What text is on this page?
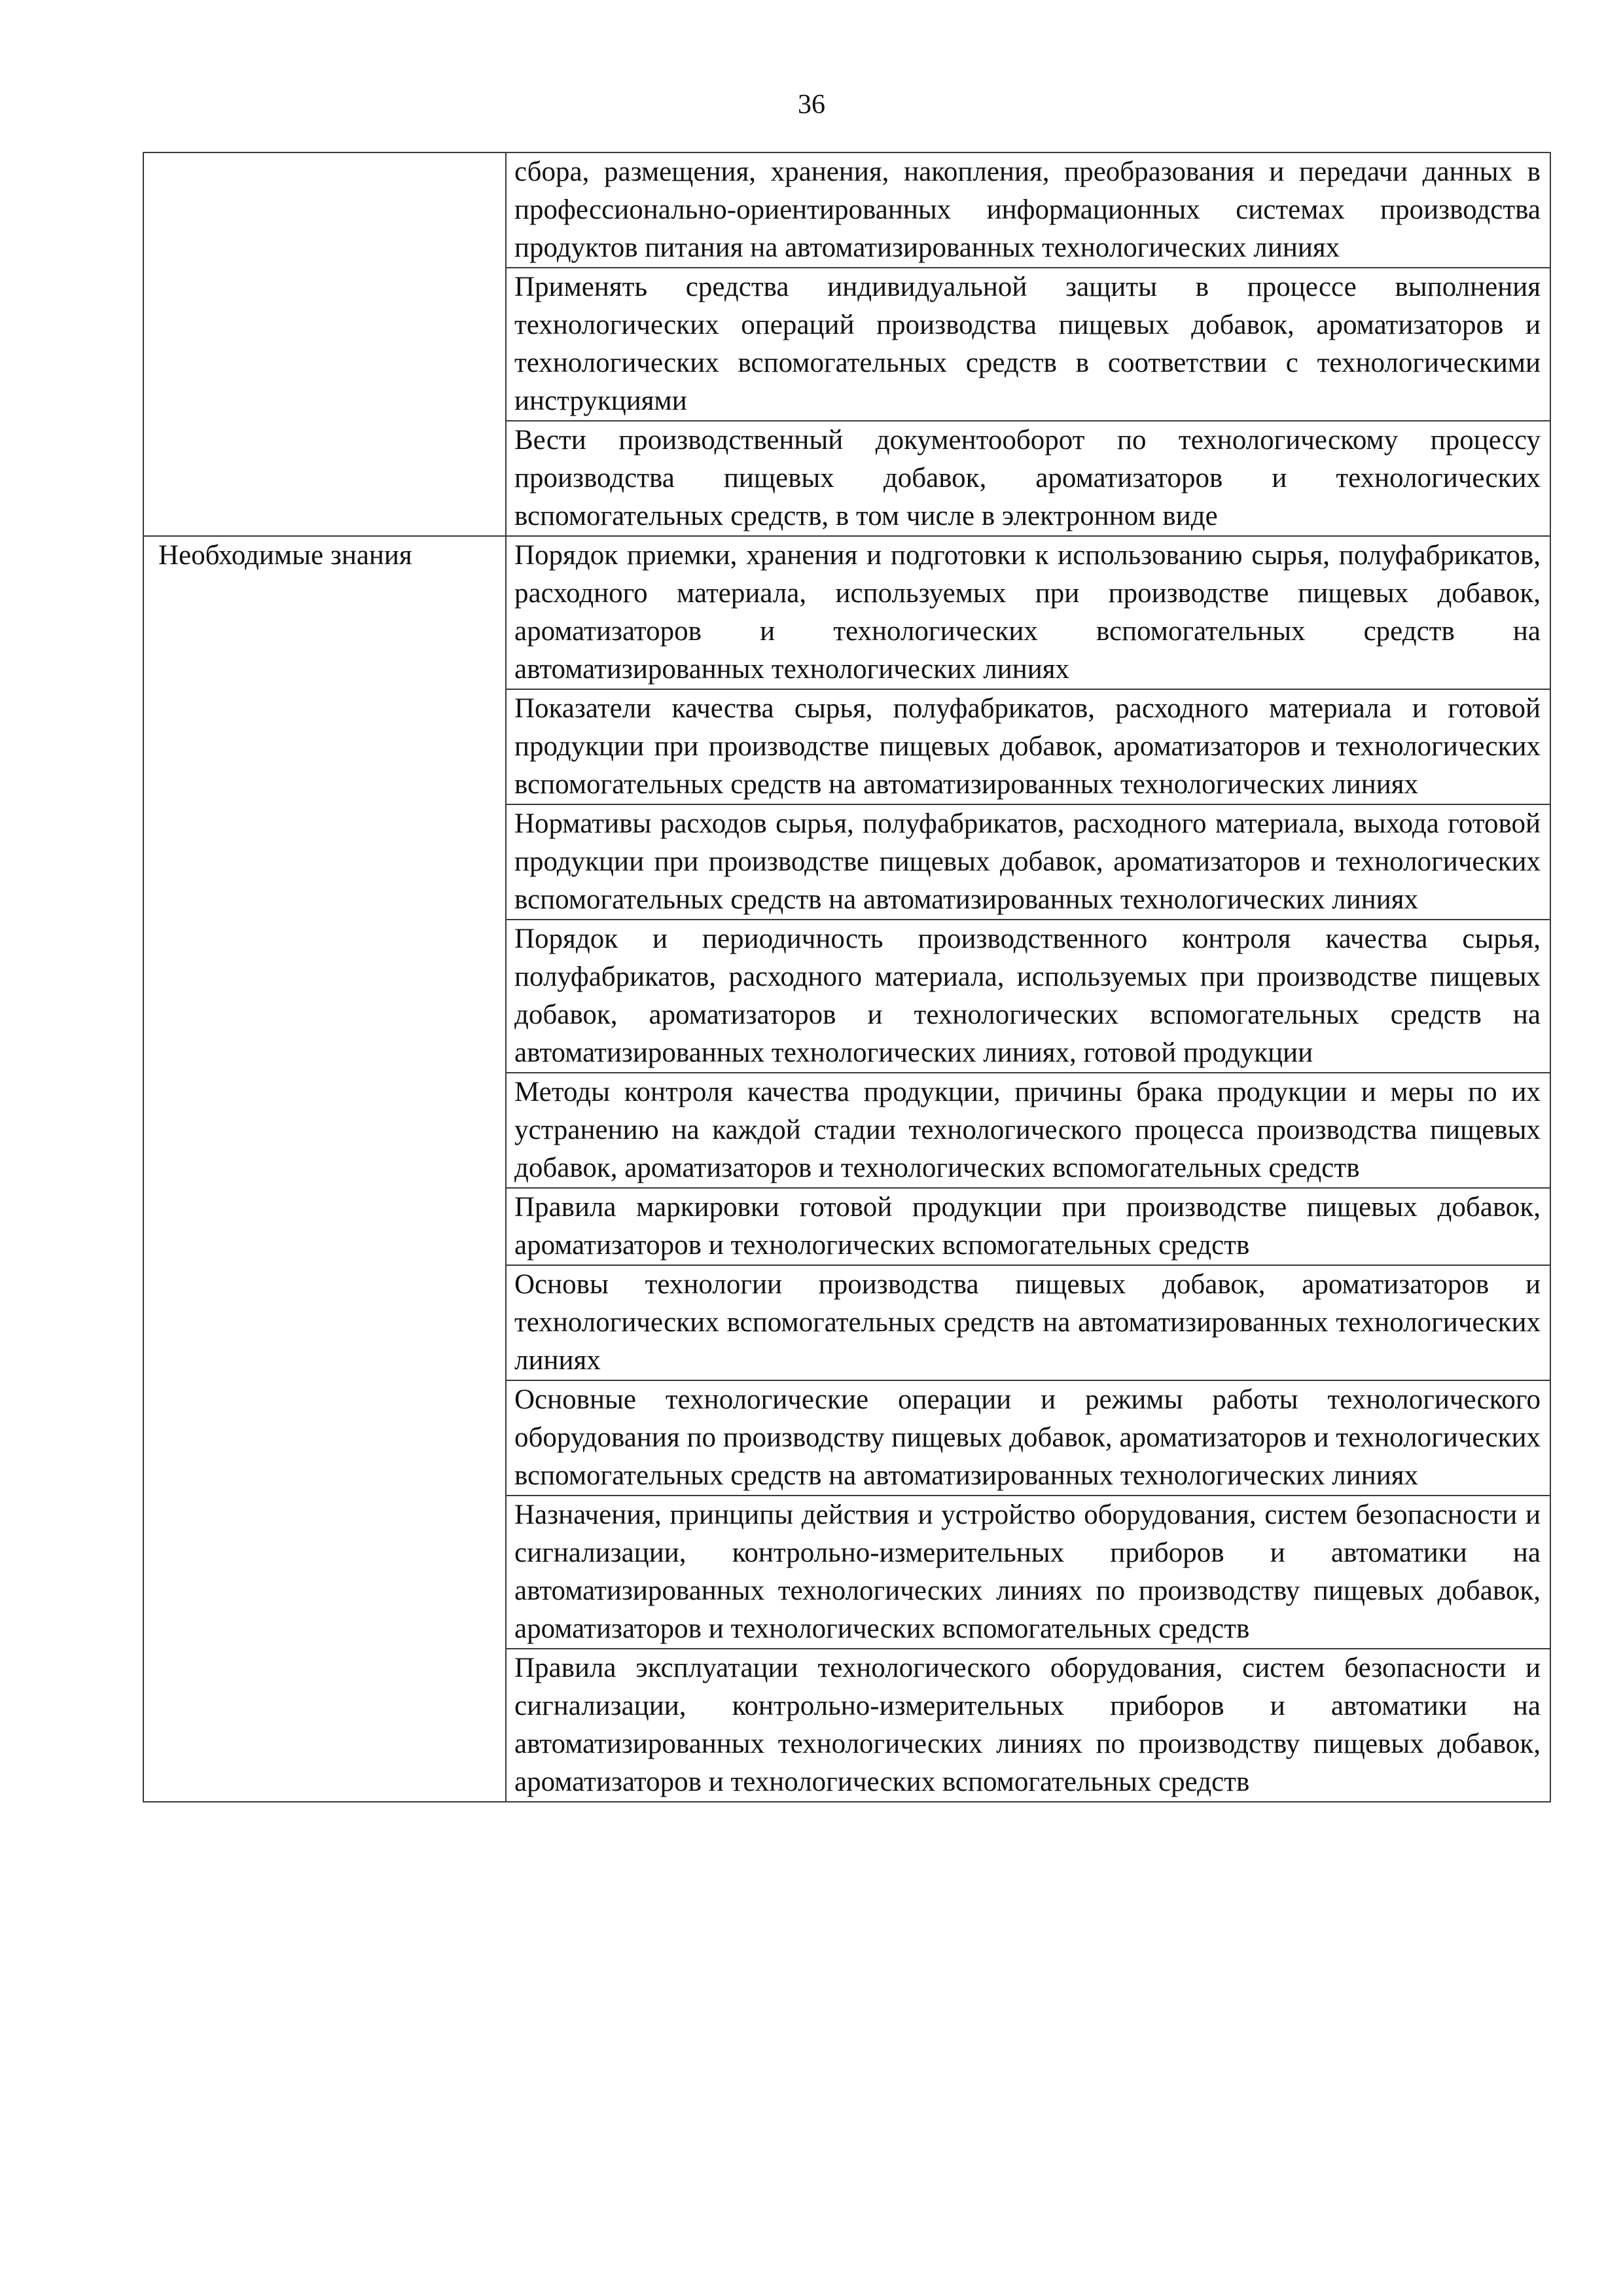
36
	сбора, размещения, хранения, накопления, преобразования и передачи данных в профессионально-ориентированных информационных системах производства продуктов питания на автоматизированных технологических линиях
	Применять средства индивидуальной защиты в процессе выполнения технологических операций производства пищевых добавок, ароматизаторов и технологических вспомогательных средств в соответствии с технологическими инструкциями
	Вести производственный документооборот по технологическому процессу производства пищевых добавок, ароматизаторов и технологических вспомогательных средств, в том числе в электронном виде
Необходимые знания	Порядок приемки, хранения и подготовки к использованию сырья, полуфабрикатов, расходного материала, используемых при производстве пищевых добавок, ароматизаторов и технологических вспомогательных средств на автоматизированных технологических линиях
	Показатели качества сырья, полуфабрикатов, расходного материала и готовой продукции при производстве пищевых добавок, ароматизаторов и технологических вспомогательных средств на автоматизированных технологических линиях
	Нормативы расходов сырья, полуфабрикатов, расходного материала, выхода готовой продукции при производстве пищевых добавок, ароматизаторов и технологических вспомогательных средств на автоматизированных технологических линиях
	Порядок и периодичность производственного контроля качества сырья, полуфабрикатов, расходного материала, используемых при производстве пищевых добавок, ароматизаторов и технологических вспомогательных средств на автоматизированных технологических линиях, готовой продукции
	Методы контроля качества продукции, причины брака продукции и меры по их устранению на каждой стадии технологического процесса производства пищевых добавок, ароматизаторов и технологических вспомогательных средств
	Правила маркировки готовой продукции при производстве пищевых добавок, ароматизаторов и технологических вспомогательных средств
	Основы технологии производства пищевых добавок, ароматизаторов и технологических вспомогательных средств на автоматизированных технологических линиях
	Основные технологические операции и режимы работы технологического оборудования по производству пищевых добавок, ароматизаторов и технологических вспомогательных средств на автоматизированных технологических линиях
	Назначения, принципы действия и устройство оборудования, систем безопасности и сигнализации, контрольно-измерительных приборов и автоматики на автоматизированных технологических линиях по производству пищевых добавок, ароматизаторов и технологических вспомогательных средств
	Правила эксплуатации технологического оборудования, систем безопасности и сигнализации, контрольно-измерительных приборов и автоматики на автоматизированных технологических линиях по производству пищевых добавок, ароматизаторов и технологических вспомогательных средств
